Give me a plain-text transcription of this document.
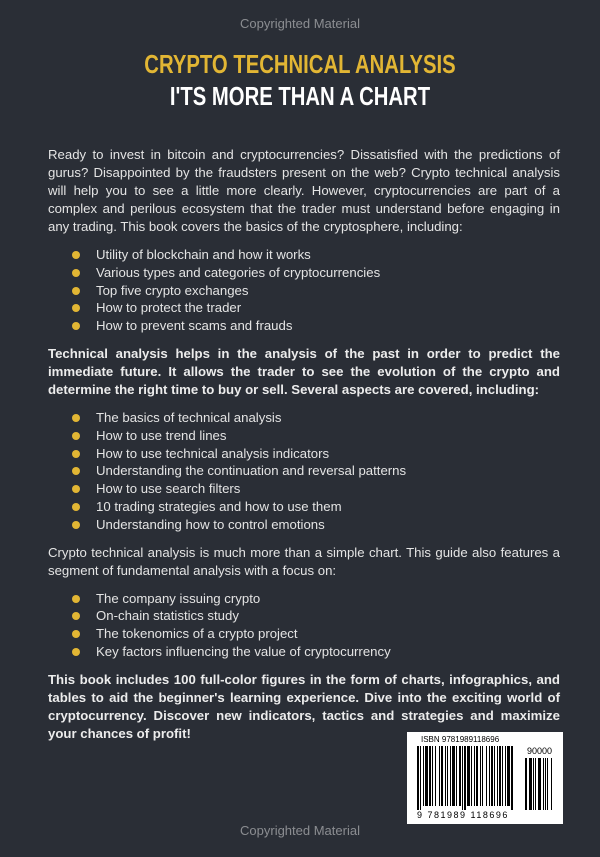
Copyrighted Material
CRYPTO TECHNICAL ANALYSIS
I'TS MORE THAN A CHART

Ready to invest in bitcoin and cryptocurrencies? Dissatisfied with the predictions of gurus? Disappointed by the fraudsters present on the web? Crypto technical analysis will help you to see a little more clearly. However, cryptocurrencies are part of a complex and perilous ecosystem that the trader must understand before engaging in any trading. This book covers the basics of the cryptosphere, including:

Utility of blockchain and how it works
Various types and categories of cryptocurrencies
Top five crypto exchanges
How to protect the trader
How to prevent scams and frauds

Technical analysis helps in the analysis of the past in order to predict the immediate future. It allows the trader to see the evolution of the crypto and determine the right time to buy or sell. Several aspects are covered, including:

The basics of technical analysis
How to use trend lines
How to use technical analysis indicators
Understanding the continuation and reversal patterns
How to use search filters
10 trading strategies and how to use them
Understanding how to control emotions

Crypto technical analysis is much more than a simple chart. This guide also features a segment of fundamental analysis with a focus on:

The company issuing crypto
On-chain statistics study
The tokenomics of a crypto project
Key factors influencing the value of cryptocurrency

This book includes 100 full-color figures in the form of charts, infographics, and tables to aid the beginner's learning experience. Dive into the exciting world of cryptocurrency. Discover new indicators, tactics and strategies and maximize your chances of profit!	ISBN 9781989118696
90000
9 781989 118696
Copyrighted Material
